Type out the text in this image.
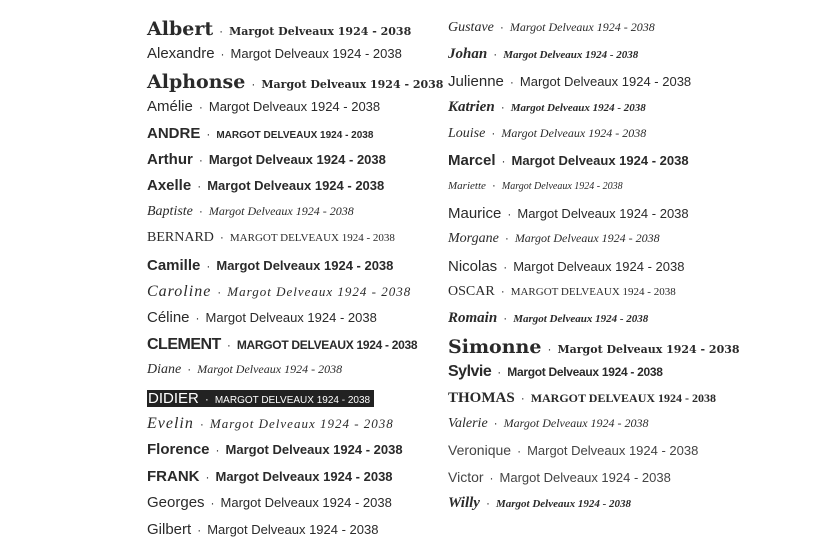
Albert · Margot Delveaux 1924 - 2038
Alexandre · Margot Delveaux 1924 - 2038
Alphonse · Margot Delveaux 1924 - 2038
Amélie · Margot Delveaux 1924 - 2038
ANDRE · MARGOT DELVEAUX 1924 - 2038
Arthur · Margot Delveaux 1924 - 2038
Axelle · Margot Delveaux 1924 - 2038
Baptiste · Margot Delveaux 1924 - 2038
BERNARD · MARGOT DELVEAUX 1924 - 2038
Camille · Margot Delveaux 1924 - 2038
Caroline · Margot Delveaux 1924 - 2038
Céline · Margot Delveaux 1924 - 2038
CLEMENT · MARGOT DELVEAUX 1924 - 2038
Diane · Margot Delveaux 1924 - 2038
DIDIER · MARGOT DELVEAUX 1924 - 2038
Evelin · Margot Delveaux 1924 - 2038
Florence · Margot Delveaux 1924 - 2038
FRANK · Margot Delveaux 1924 - 2038
Georges · Margot Delveaux 1924 - 2038
Gilbert · Margot Delveaux 1924 - 2038
Gustave · Margot Delveaux 1924 - 2038
Johan · Margot Delveaux 1924 - 2038
Julienne · Margot Delveaux 1924 - 2038
Katrien · Margot Delveaux 1924 - 2038
Louise · Margot Delveaux 1924 - 2038
Marcel · Margot Delveaux 1924 - 2038
Mariette · Margot Delveaux 1924 - 2038
Maurice · Margot Delveaux 1924 - 2038
Morgane · Margot Delveaux 1924 - 2038
Nicolas · Margot Delveaux 1924 - 2038
OSCAR · MARGOT DELVEAUX 1924 - 2038
Romain · Margot Delveaux 1924 - 2038
Simonne · Margot Delveaux 1924 - 2038
Sylvie · Margot Delveaux 1924 - 2038
THOMAS · MARGOT DELVEAUX 1924 - 2038
Valerie · Margot Delveaux 1924 - 2038
Veronique · Margot Delveaux 1924 - 2038
Victor · Margot Delveaux 1924 - 2038
Willy · Margot Delveaux 1924 - 2038
